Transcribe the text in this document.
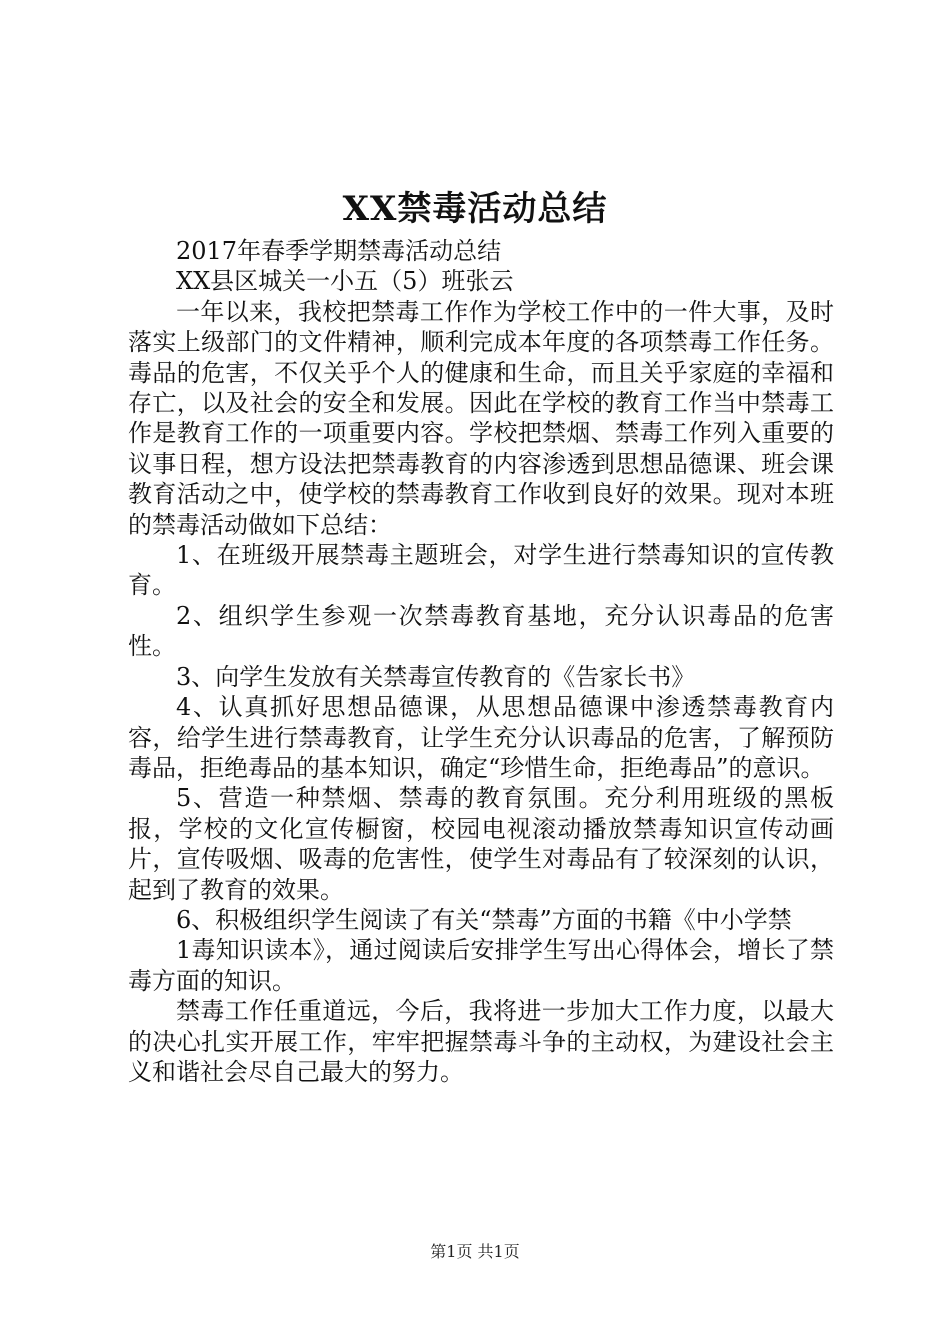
XX禁毒活动总结

2017年春季学期禁毒活动总结

XX县区城关一小五（5）班张云

一年以来，我校把禁毒工作作为学校工作中的一件大事，及时落实上级部门的文件精神，顺利完成本年度的各项禁毒工作任务。毒品的危害，不仅关乎个人的健康和生命，而且关乎家庭的幸福和存亡，以及社会的安全和发展。因此在学校的教育工作当中禁毒工作是教育工作的一项重要内容。学校把禁烟、禁毒工作列入重要的议事日程，想方设法把禁毒教育的内容渗透到思想品德课、班会课教育活动之中，使学校的禁毒教育工作收到良好的效果。现对本班的禁毒活动做如下总结：

1、在班级开展禁毒主题班会，对学生进行禁毒知识的宣传教育。

2、组织学生参观一次禁毒教育基地，充分认识毒品的危害性。

3、向学生发放有关禁毒宣传教育的《告家长书》

4、认真抓好思想品德课，从思想品德课中渗透禁毒教育内容，给学生进行禁毒教育，让学生充分认识毒品的危害，了解预防毒品，拒绝毒品的基本知识，确定“珍惜生命，拒绝毒品”的意识。

5、营造一种禁烟、禁毒的教育氛围。充分利用班级的黑板报，学校的文化宣传橱窗，校园电视滚动播放禁毒知识宣传动画片，宣传吸烟、吸毒的危害性，使学生对毒品有了较深刻的认识，起到了教育的效果。

6、积极组织学生阅读了有关“禁毒”方面的书籍《中小学禁

1毒知识读本》，通过阅读后安排学生写出心得体会，增长了禁毒方面的知识。

禁毒工作任重道远，今后，我将进一步加大工作力度，以最大的决心扎实开展工作，牢牢把握禁毒斗争的主动权，为建设社会主义和谐社会尽自己最大的努力。

第1页 共1页
